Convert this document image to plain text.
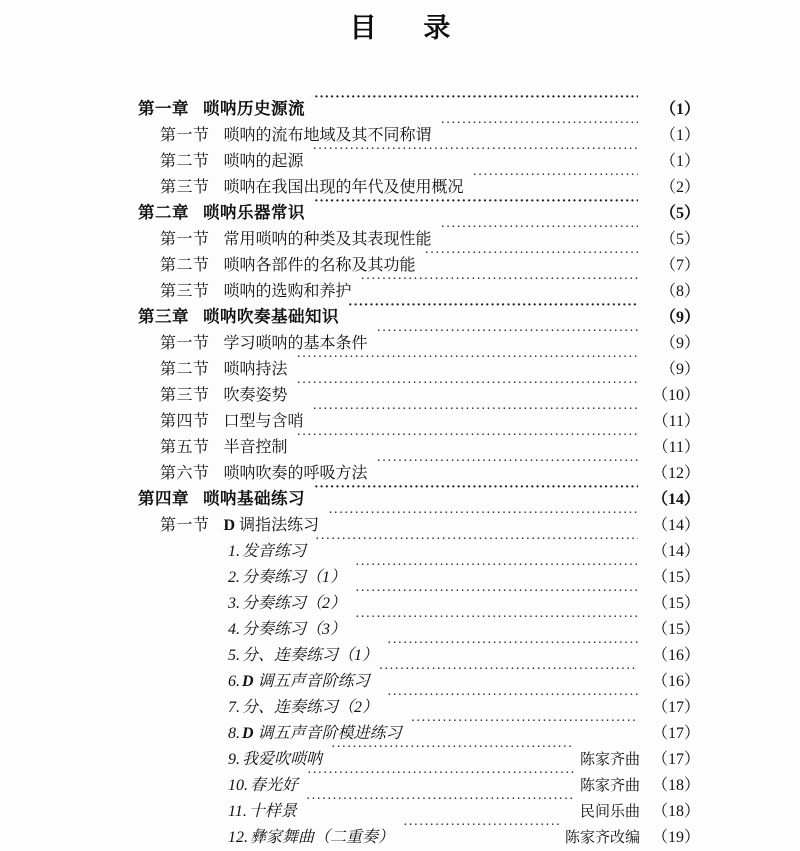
目 录
第一章 唢呐历史源流 ·····	（1）
第一节 唢呐的流布地域及其不同称谓 ·····	（1）
第二节 唢呐的起源 ·····	（1）
第三节 唢呐在我国出现的年代及使用概况 ·····	（2）
第二章 唢呐乐器常识 ·····	（5）
第一节 常用唢呐的种类及其表现性能 ·····	（5）
第二节 唢呐各部件的名称及其功能 ·····	（7）
第三节 唢呐的选购和养护 ·····	（8）
第三章 唢呐吹奏基础知识 ·····	（9）
第一节 学习唢呐的基本条件 ·····	（9）
第二节 唢呐持法 ·····	（9）
第三节 吹奏姿势 ·····	（10）
第四节 口型与含哨 ·····	（11）
第五节 半音控制 ·····	（11）
第六节 唢呐吹奏的呼吸方法 ·····	（12）
第四章 唢呐基础练习 ·····	（14）
第一节 D 调指法练习 ·····	（14）
1. 发音练习 ·····	（14）
2. 分奏练习（1） ·····	（15）
3. 分奏练习（2） ·····	（15）
4. 分奏练习（3） ·····	（15）
5. 分、连奏练习（1） ·····	（16）
6. D 调五声音阶练习 ·····	（16）
7. 分、连奏练习（2） ·····	（17）
8. D 调五声音阶模进练习 ·····	（17）
9. 我爱吹唢呐 ·····	陈家齐曲 （17）
10. 春光好 ·····	陈家齐曲 （18）
11. 十样景 ·····	民间乐曲 （18）
12. 彝家舞曲（二重奏） ·····	陈家齐改编 （19）
